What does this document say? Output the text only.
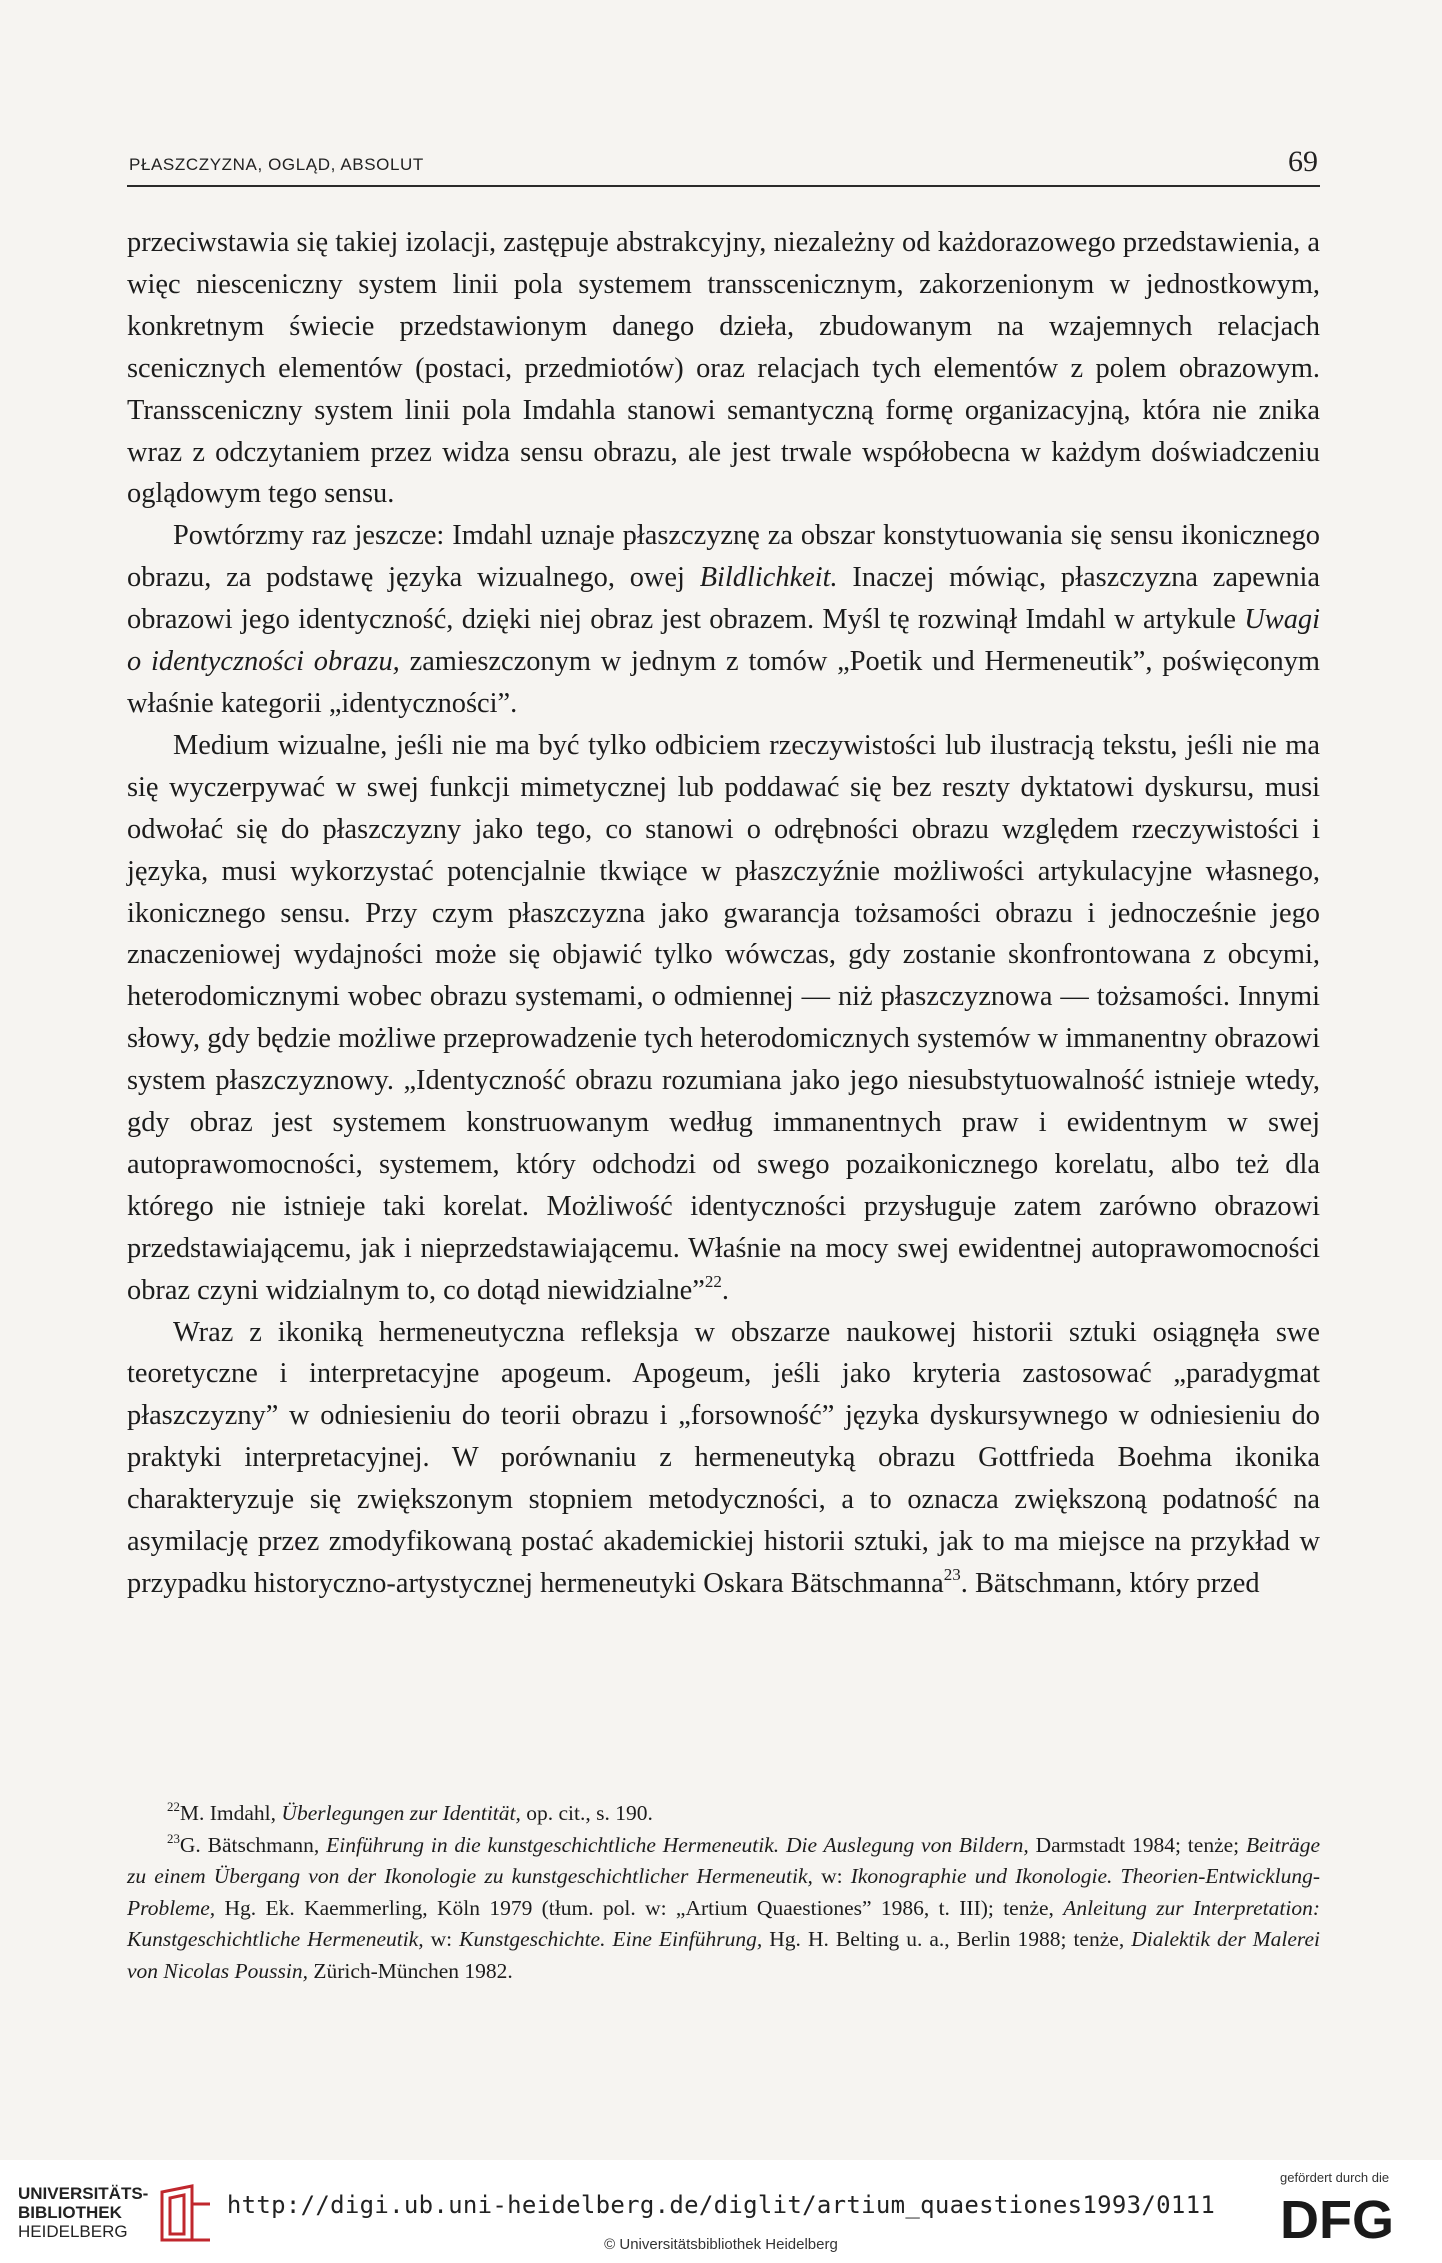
PŁASZCZYZNA, OGLĄD, ABSOLUT	69

przeciwstawia się takiej izolacji, zastępuje abstrakcyjny, niezależny od każdorazowego przedstawienia, a więc niesceniczny system linii pola systemem transscenicznym, zakorzenionym w jednostkowym, konkretnym świecie przedstawionym danego dzieła, zbudowanym na wzajemnych relacjach scenicznych elementów (postaci, przedmiotów) oraz relacjach tych elementów z polem obrazowym. Transsceniczny system linii pola Imdahla stanowi semantyczną formę organizacyjną, która nie znika wraz z odczytaniem przez widza sensu obrazu, ale jest trwale współobecna w każdym doświadczeniu oglądowym tego sensu.

Powtórzmy raz jeszcze: Imdahl uznaje płaszczyznę za obszar konstytuowania się sensu ikonicznego obrazu, za podstawę języka wizualnego, owej Bildlichkeit. Inaczej mówiąc, płaszczyzna zapewnia obrazowi jego identyczność, dzięki niej obraz jest obrazem. Myśl tę rozwinął Imdahl w artykule Uwagi o identyczności obrazu, zamieszczonym w jednym z tomów „Poetik und Hermeneutik”, poświęconym właśnie kategorii „identyczności”.

Medium wizualne, jeśli nie ma być tylko odbiciem rzeczywistości lub ilustracją tekstu, jeśli nie ma się wyczerpywać w swej funkcji mimetycznej lub poddawać się bez reszty dyktatowi dyskursu, musi odwołać się do płaszczyzny jako tego, co stanowi o odrębności obrazu względem rzeczywistości i języka, musi wykorzystać potencjalnie tkwiące w płaszczyźnie możliwości artykulacyjne własnego, ikonicznego sensu. Przy czym płaszczyzna jako gwarancja tożsamości obrazu i jednocześnie jego znaczeniowej wydajności może się objawić tylko wówczas, gdy zostanie skonfrontowana z obcymi, heterodomicznymi wobec obrazu systemami, o odmiennej — niż płaszczyznowa — tożsamości. Innymi słowy, gdy będzie możliwe przeprowadzenie tych heterodomicznych systemów w immanentny obrazowi system płaszczyznowy. „Identyczność obrazu rozumiana jako jego niesubstytuowalność istnieje wtedy, gdy obraz jest systemem konstruowanym według immanentnych praw i ewidentnym w swej autoprawomocności, systemem, który odchodzi od swego pozaikonicznego korelatu, albo też dla którego nie istnieje taki korelat. Możliwość identyczności przysługuje zatem zarówno obrazowi przedstawiającemu, jak i nieprzedstawiającemu. Właśnie na mocy swej ewidentnej autoprawomocności obraz czyni widzialnym to, co dotąd niewidzialne”$^{22}$.

Wraz z ikoniką hermeneutyczna refleksja w obszarze naukowej historii sztuki osiągnęła swe teoretyczne i interpretacyjne apogeum. Apogeum, jeśli jako kryteria zastosować „paradygmat płaszczyzny” w odniesieniu do teorii obrazu i „forsowność” języka dyskursywnego w odniesieniu do praktyki interpretacyjnej. W porównaniu z hermeneutyką obrazu Gottfrieda Boehma ikonika charakteryzuje się zwiększonym stopniem metodyczności, a to oznacza zwiększoną podatność na asymilację przez zmodyfikowaną postać akademickiej historii sztuki, jak to ma miejsce na przykład w przypadku historyczno-artystycznej hermeneutyki Oskara Bätschmanna$^{23}$. Bätschmann, który przed

$^{22}$M. Imdahl, Überlegungen zur Identität, op. cit., s. 190.

$^{23}$G. Bätschmann, Einführung in die kunstgeschichtliche Hermeneutik. Die Auslegung von Bildern, Darmstadt 1984; tenże; Beiträge zu einem Übergang von der Ikonologie zu kunstgeschichtlicher Hermeneutik, w: Ikonographie und Ikonologie. Theorien-Entwicklung-Probleme, Hg. Ek. Kaemmerling, Köln 1979 (tłum. pol. w: „Artium Quaestiones” 1986, t. III); tenże, Anleitung zur Interpretation: Kunstgeschichtliche Hermeneutik, w: Kunstgeschichte. Eine Einführung, Hg. H. Belting u. a., Berlin 1988; tenże, Dialektik der Malerei von Nicolas Poussin, Zürich-München 1982.

UNIVERSITÄTS-
BIBLIOTHEK
HEIDELBERG
http://digi.ub.uni-heidelberg.de/diglit/artium_quaestiones1993/0111
© Universitätsbibliothek Heidelberg
gefördert durch die
DFG
